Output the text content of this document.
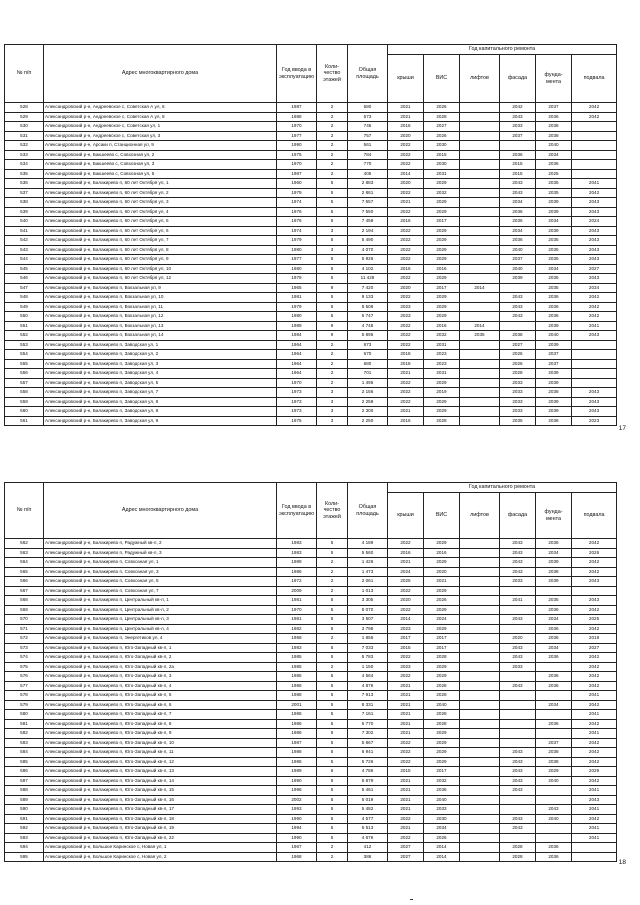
№ п/п	Адрес многоквартирного дома	Год ввода в эксплуатацию	Коли-чество этажей	Общая площадь	Год капитального ремонта					
					крыши	ВИС	лифтов	фасада	фунда-мента	подвала
528	Александровский р-н, Андреевское с, Советская А ул, 6	1987	2	580	2021	2026		2042	2037	2042
529	Александровский р-н, Андреевское с, Советская А ул, 8	1988	2	573	2021	2028		2043	2036	2042
530	Александровский р-н, Андреевское с, Советская ул, 1	1970	2	745	2016	2027		2033	2038	
531	Александровский р-н, Андреевское с, Советская ул, 3	1977	2	757	2020	2026		2037	2038	
532	Александровский р-н, Арсаки п, Станционная ул, 9	1990	2	561	2022	2030			2040	
533	Александровский р-н, Бакшеево с, Совхозная ул, 2	1975	2	784	2022	2015		2036	2034	
534	Александровский р-н, Бакшеево с, Совхозная ул, 3	1970	2	770	2022	2030		2015	2036	
535	Александровский р-н, Бакшеево с, Совхозная ул, 5	1987	2	405	2014	2031		2015	2025	
536	Александровский р-н, Балакирево п, 60 лет Октября ул, 1	1960	5	2 883	2020	2029		2043	2035	2041
537	Александровский р-н, Балакирево п, 60 лет Октября ул, 2	1979	5	2 861	2022	2032		2043	2035	2042
538	Александровский р-н, Балакирево п, 60 лет Октября ул, 3	1974	5	7 557	2021	2029		2034	2039	2043
539	Александровский р-н, Балакирево п, 60 лет Октября ул, 4	1976	5	7 550	2022	2029		2036	2039	2043
540	Александровский р-н, Балакирево п, 60 лет Октября ул, 5	1976	5	7 458	2016	2017		2036	2034	2024
541	Александровский р-н, Балакирево п, 60 лет Октября ул, 6	1974	3	2 194	2022	2029		2034	2039	2043
542	Александровский р-н, Балакирево п, 60 лет Октября ул, 7	1979	5	5 490	2022	2029		2036	2035	2043
543	Александровский р-н, Балакирево п, 60 лет Октября ул, 8	1980	3	4 070	2022	2029		2040	2035	2043
544	Александровский р-н, Балакирево п, 60 лет Октября ул, 9	1977	5	5 926	2022	2029		2037	2035	2043
545	Александровский р-н, Балакирево п, 60 лет Октября ул, 10	1980	5	4 102	2016	2016		2040	2034	2027
546	Александровский р-н, Балакирево п, 60 лет Октября ул, 12	1979	5	11 428	2022	2029		2039	2035	2043
547	Александровский р-н, Балакирево п, Вокзальная ул, 9	1965	9	7 420	2020	2017	2014		2035	2034
548	Александровский р-н, Балакирево п, Вокзальная ул, 10	1981	5	9 133	2022	2029		2043	2036	2042
549	Александровский р-н, Балакирево п, Вокзальная ул, 11	1979	5	5 506	2023	2029		2043	2036	2042
550	Александровский р-н, Балакирево п, Вокзальная ул, 12	1980	5	5 747	2023	2029		2043	2036	2042
551	Александровский р-н, Балакирево п, Вокзальная ул, 13	1989	9	4 748	2022	2016	2014		2039	2041
552	Александровский р-н, Балакирево п, Вокзальная ул, 14	1984	9	5 895	2022	2032	2035	2038	2040	2043
553	Александровский р-н, Балакирево п, Заводская ул, 1	1964	2	673	2022	2031		2027	2039	
554	Александровский р-н, Балакирево п, Заводская ул, 2	1964	2	670	2018	2023		2026	2037	
555	Александровский р-н, Балакирево п, Заводская ул, 3	1964	2	680	2018	2023		2026	2037	
556	Александровский р-н, Балакирево п, Заводская ул, 4	1964	2	701	2021	2031		2028	2039	
557	Александровский р-н, Балакирево п, Заводская ул, 5	1970	2	1 495	2022	2029		2033	2039	
558	Александровский р-н, Балакирево п, Заводская ул, 7	1973	3	2 156	2022	2019		2033	2038	2043
559	Александровский р-н, Балакирево п, Заводская ул, 8	1973	3	2 258	2022	2029		2033	2039	2043
560	Александровский р-н, Балакирево п, Заводская ул, 8	1973	3	2 300	2021	2029		2033	2039	2043
561	Александровский р-н, Балакирево п, Заводская ул, 9	1975	3	2 250	2016	2028		2035	2038	2023
17
№ п/п	Адрес многоквартирного дома	Год ввода в эксплуатацию	Коли-чество этажей	Общая площадь	Год капитального ремонта					
					крыши	ВИС	лифтов	фасада	фунда-мента	подвала
562	Александровский р-н, Балакирево п, Радужный кв-л, 2	1983	5	4 189	2022	2029		2043	2036	2042
563	Александровский р-н, Балакирево п, Радужный кв-л, 3	1983	5	5 560	2016	2016		2043	2034	2026
564	Александровский р-н, Балакирево п, Совхозная ул, 1	1989	2	1 426	2021	2029		2043	2039	2042
565	Александровский р-н, Балакирево п, Совхозная ул, 3	1986	2	1 473	2024	2020		2043	2038	2042
566	Александровский р-н, Балакирево п, Совхозная ул, 5	1972	2	2 061	2025	2021		2033	2039	2043
567	Александровский р-н, Балакирево п, Совхозная ул, 7	2009	2	1 013	2022	2029				
568	Александровский р-н, Балакирево п, Центральный кв-л, 1	1981	5	3 305	2020	2026		2041	2035	2043
569	Александровский р-н, Балакирево п, Центральный кв-л, 2	1970	5	5 070	2022	2029			2036	2042
570	Александровский р-н, Балакирево п, Центральный кв-л, 3	1981	5	3 507	2014	2024		2043	2034	2025
571	Александровский р-н, Балакирево п, Центральный кв-л, 4	1982	5	3 798	2023	2029			2036	2042
572	Александровский р-н, Балакирево п, Энергетиков ул, 4	1958	2	1 855	2017	2017		2020	2036	2019
573	Александровский р-н, Балакирево п, Юго-Западный кв-л, 1	1983	5	7 033	2015	2017		2043	2034	2027
574	Александровский р-н, Балакирево п, Юго-Западный кв-л, 2	1985	5	5 783	2022	2028		2043	2036	2042
575	Александровский р-н, Балакирево п, Юго-Западный кв-л, 2а	1985	2	1 150	2023	2029		2033		2042
576	Александровский р-н, Балакирево п, Юго-Западный кв-л, 3	1985	5	4 564	2022	2029			2036	2042
577	Александровский р-н, Балакирево п, Юго-Западный кв-л, 4	1986	5	4 876	2021	2028		2043	2036	2042
578	Александровский р-н, Балакирево п, Юго-Западный кв-л, 5	1988	5	7 913	2021	2028				2041
579	Александровский р-н, Балакирево п, Юго-Западный кв-л, 6	2001	5	8 331	2021	2040			2034	2042
580	Александровский р-н, Балакирево п, Юго-Западный кв-л, 7	1986	5	7 161	2021	2028				2041
581	Александровский р-н, Балакирево п, Юго-Западный кв-л, 8	1986	5	5 770	2021	2028			2036	2042
582	Александровский р-н, Балакирево п, Юго-Западный кв-л, 9	1986	5	7 302	2021	2029				2041
583	Александровский р-н, Балакирево п, Юго-Западный кв-л, 10	1987	5	5 867	2022	2029			2037	2042
584	Александровский р-н, Балакирево п, Юго-Западный кв-л, 11	1988	5	6 941	2022	2029		2043	2038	2042
585	Александровский р-н, Балакирево п, Юго-Западный кв-л, 12	1986	5	5 726	2022	2029		2043	2038	2042
586	Александровский р-н, Балакирево п, Юго-Западный кв-л, 13	1989	6	4 786	2015	2017		2043	2029	2029
587	Александровский р-н, Балакирево п, Юго-Западный кв-л, 14	1990	5	5 879	2021	2032		2043	2040	2042
588	Александровский р-н, Балакирево п, Юго-Западный кв-л, 15	1996	5	5 461	2021	2036		2043		2041
589	Александровский р-н, Балакирево п, Юго-Западный кв-л, 16	2002	5	5 019	2021	2040				2043
590	Александровский р-н, Балакирево п, Юго-Западный кв-л, 17	1993	5	5 482	2021	2033			2043	2041
591	Александровский р-н, Балакирево п, Юго-Западный кв-л, 18	1990	5	4 577	2022	2030		2043	2040	2042
592	Александровский р-н, Балакирево п, Юго-Западный кв-л, 19	1994	5	5 513	2021	2034		2043		2041
593	Александровский р-н, Балакирево п, Юго-Западный кв-л, 22	1990	5	4 676	2022	2026				2041
594	Александровский р-н, Большое Каринское с, Новая ул, 1	1967	2	412	2027	2014		2028	2036	
595	Александровский р-н, Большое Каринское с, Новая ул, 2	1968	2	386	2027	2014		2028	2036	
18
